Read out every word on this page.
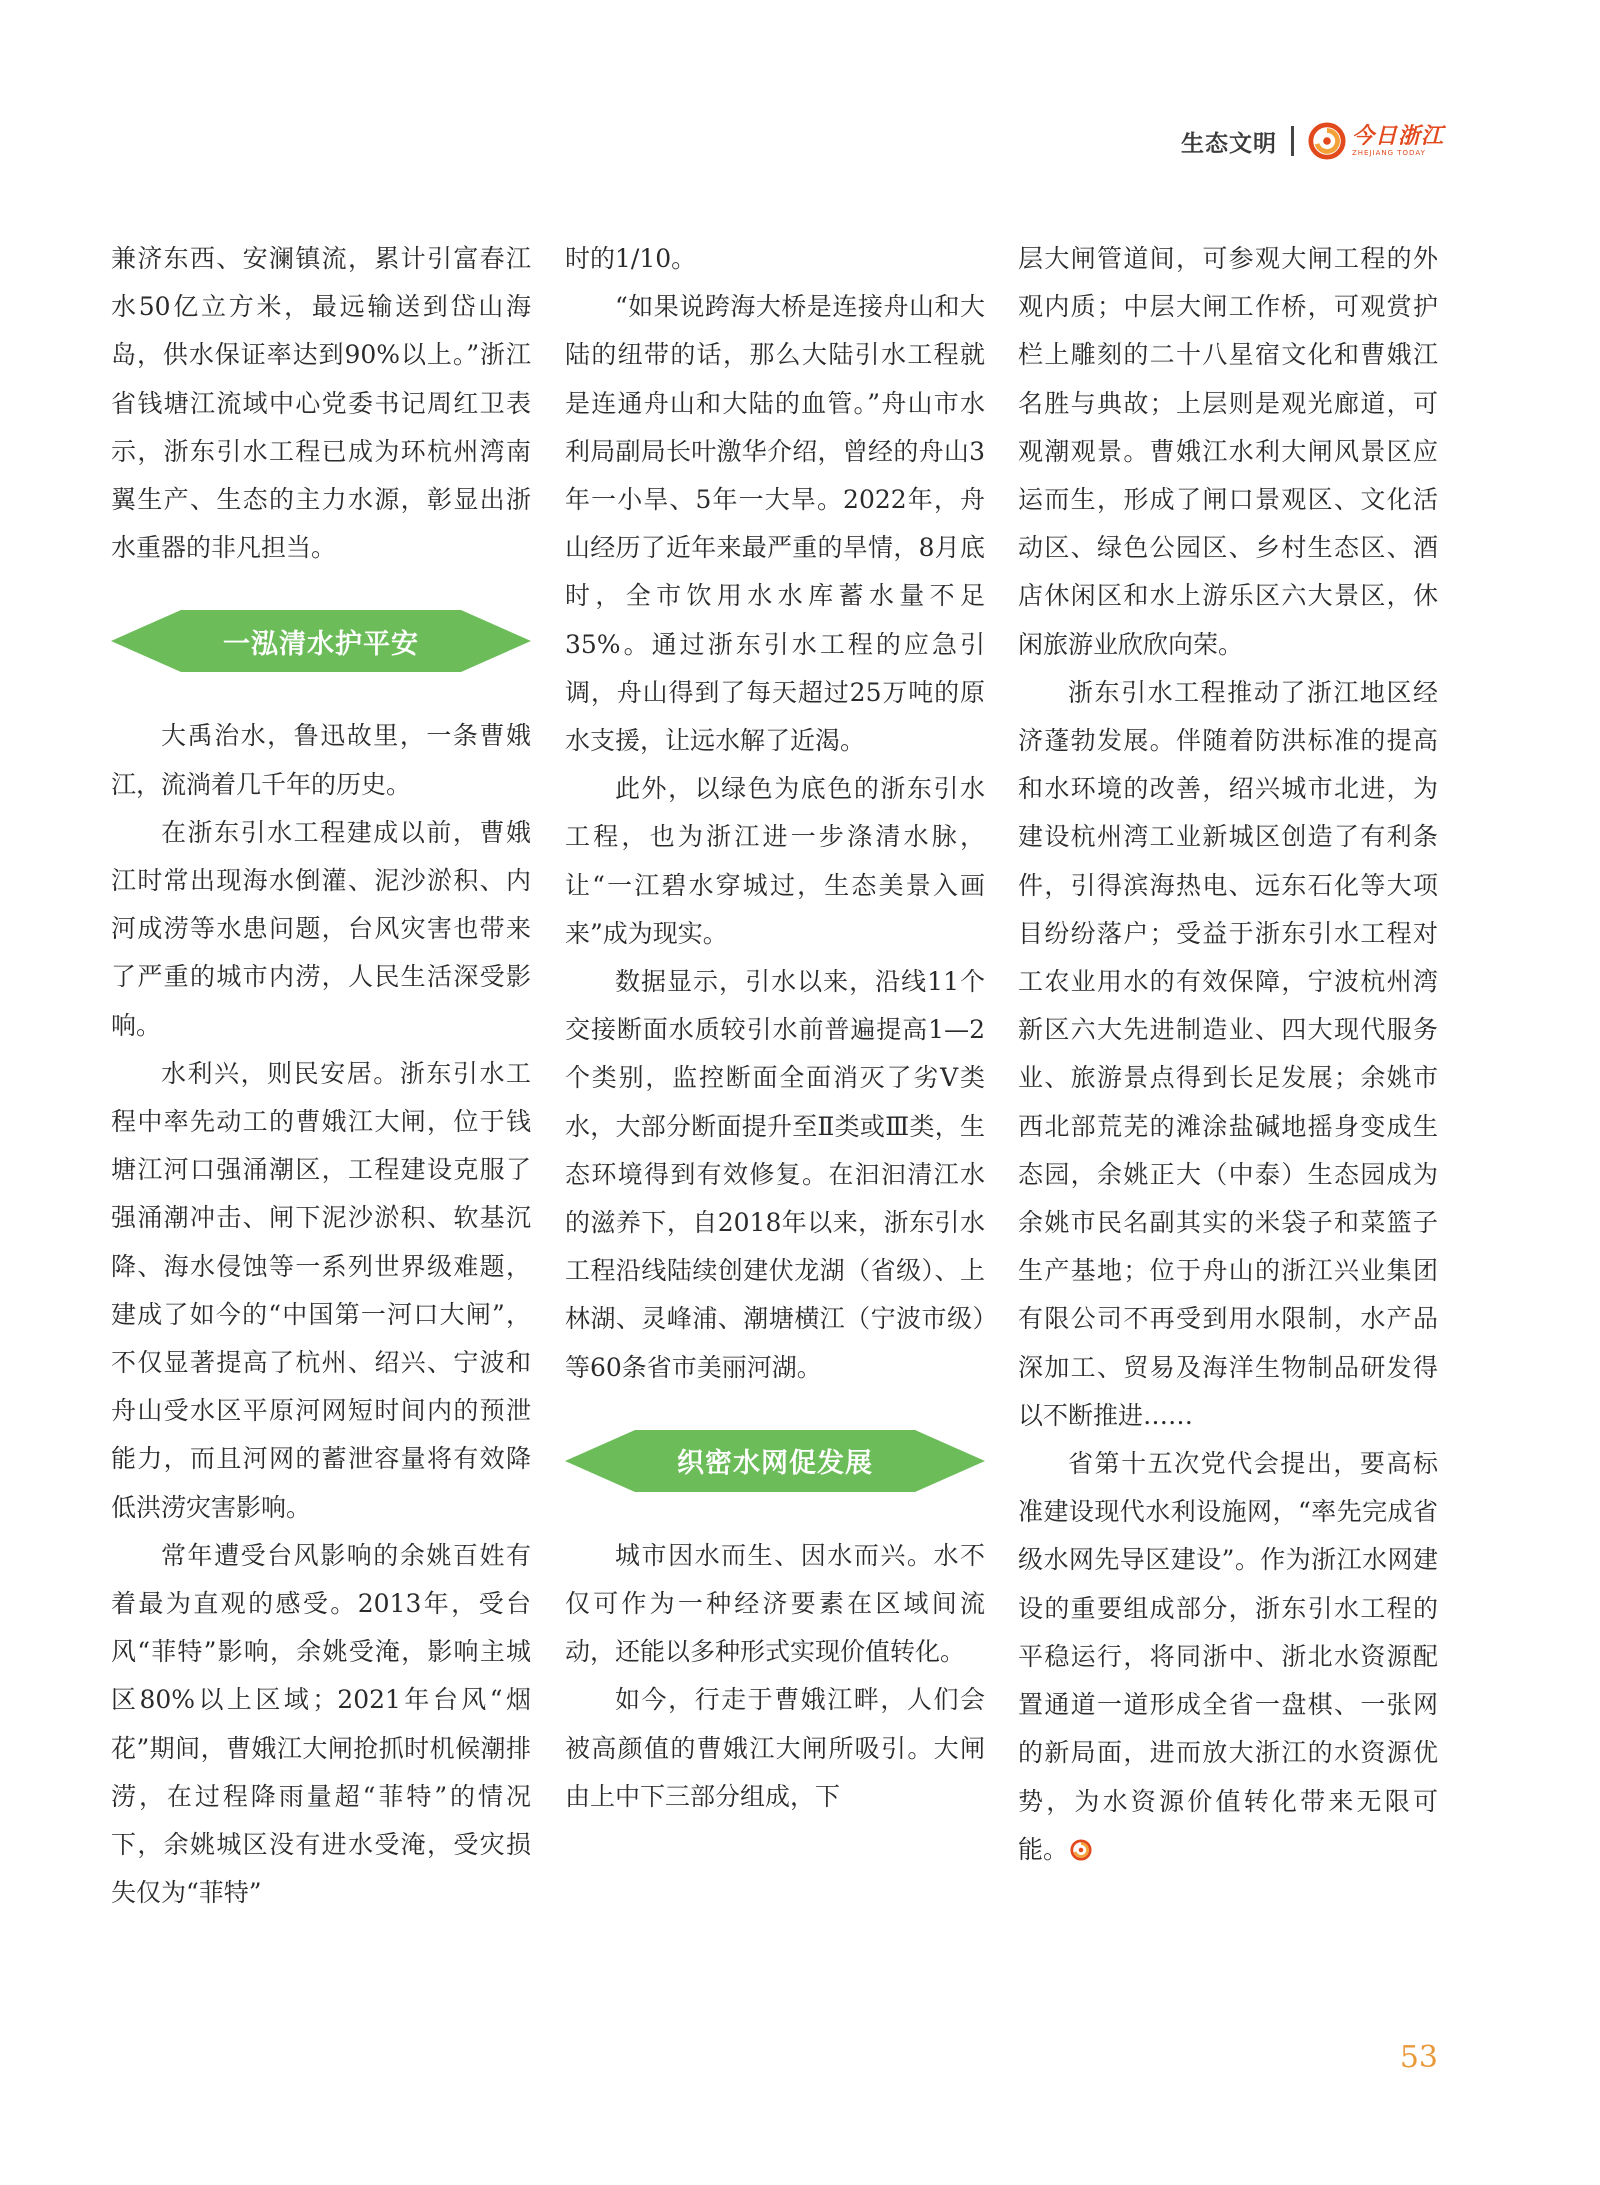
生态文明	今日浙江
ZHEJIANG TODAY

兼济东西、安澜镇流，累计引富春江水50亿立方米，最远输送到岱山海岛，供水保证率达到90%以上。”浙江省钱塘江流域中心党委书记周红卫表示，浙东引水工程已成为环杭州湾南翼生产、生态的主力水源，彰显出浙水重器的非凡担当。

一泓清水护平安

大禹治水，鲁迅故里，一条曹娥江，流淌着几千年的历史。

在浙东引水工程建成以前，曹娥江时常出现海水倒灌、泥沙淤积、内河成涝等水患问题，台风灾害也带来了严重的城市内涝，人民生活深受影响。

水利兴，则民安居。浙东引水工程中率先动工的曹娥江大闸，位于钱塘江河口强涌潮区，工程建设克服了强涌潮冲击、闸下泥沙淤积、软基沉降、海水侵蚀等一系列世界级难题，建成了如今的“中国第一河口大闸”，不仅显著提高了杭州、绍兴、宁波和舟山受水区平原河网短时间内的预泄能力，而且河网的蓄泄容量将有效降低洪涝灾害影响。

常年遭受台风影响的余姚百姓有着最为直观的感受。2013年，受台风“菲特”影响，余姚受淹，影响主城区80%以上区域；2021年台风“烟花”期间，曹娥江大闸抢抓时机候潮排涝，在过程降雨量超“菲特”的情况下，余姚城区没有进水受淹，受灾损失仅为“菲特”

时的1/10。

“如果说跨海大桥是连接舟山和大陆的纽带的话，那么大陆引水工程就是连通舟山和大陆的血管。”舟山市水利局副局长叶激华介绍，曾经的舟山3年一小旱、5年一大旱。2022年，舟山经历了近年来最严重的旱情，8月底时，全市饮用水水库蓄水量不足35%。通过浙东引水工程的应急引调，舟山得到了每天超过25万吨的原水支援，让远水解了近渴。

此外，以绿色为底色的浙东引水工程，也为浙江进一步涤清水脉，让“一江碧水穿城过，生态美景入画来”成为现实。

数据显示，引水以来，沿线11个交接断面水质较引水前普遍提高1—2个类别，监控断面全面消灭了劣Ⅴ类水，大部分断面提升至Ⅱ类或Ⅲ类，生态环境得到有效修复。在汩汩清江水的滋养下，自2018年以来，浙东引水工程沿线陆续创建伏龙湖（省级）、上林湖、灵峰浦、潮塘横江（宁波市级）等60条省市美丽河湖。

织密水网促发展

城市因水而生、因水而兴。水不仅可作为一种经济要素在区域间流动，还能以多种形式实现价值转化。

如今，行走于曹娥江畔，人们会被高颜值的曹娥江大闸所吸引。大闸由上中下三部分组成，下

层大闸管道间，可参观大闸工程的外观内质；中层大闸工作桥，可观赏护栏上雕刻的二十八星宿文化和曹娥江名胜与典故；上层则是观光廊道，可观潮观景。曹娥江水利大闸风景区应运而生，形成了闸口景观区、文化活动区、绿色公园区、乡村生态区、酒店休闲区和水上游乐区六大景区，休闲旅游业欣欣向荣。

浙东引水工程推动了浙江地区经济蓬勃发展。伴随着防洪标准的提高和水环境的改善，绍兴城市北进，为建设杭州湾工业新城区创造了有利条件，引得滨海热电、远东石化等大项目纷纷落户；受益于浙东引水工程对工农业用水的有效保障，宁波杭州湾新区六大先进制造业、四大现代服务业、旅游景点得到长足发展；余姚市西北部荒芜的滩涂盐碱地摇身变成生态园，余姚正大（中泰）生态园成为余姚市民名副其实的米袋子和菜篮子生产基地；位于舟山的浙江兴业集团有限公司不再受到用水限制，水产品深加工、贸易及海洋生物制品研发得以不断推进……

省第十五次党代会提出，要高标准建设现代水利设施网，“率先完成省级水网先导区建设”。作为浙江水网建设的重要组成部分，浙东引水工程的平稳运行，将同浙中、浙北水资源配置通道一道形成全省一盘棋、一张网的新局面，进而放大浙江的水资源优势，为水资源价值转化带来无限可能。

53
